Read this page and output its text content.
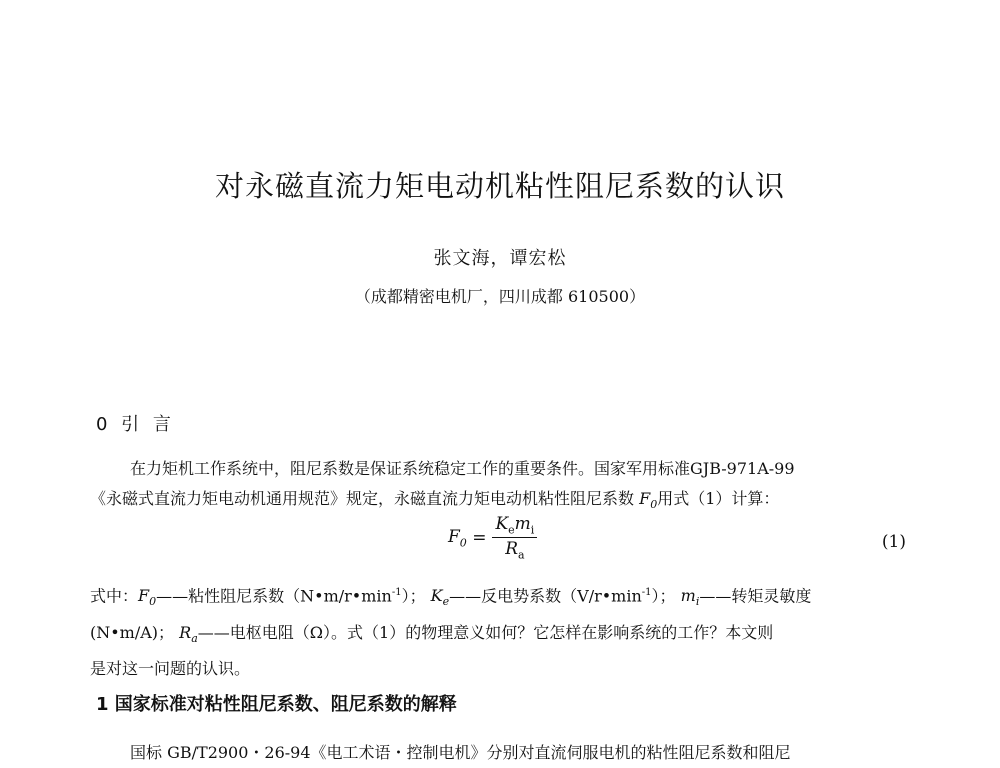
对永磁直流力矩电动机粘性阻尼系数的认识
张文海，谭宏松
（成都精密电机厂，四川成都 610500）
0 引 言
在力矩机工作系统中，阻尼系数是保证系统稳定工作的重要条件。国家军用标准GJB-971A-99
《永磁式直流力矩电动机通用规范》规定，永磁直流力矩电动机粘性阻尼系数 $F_0$用式（1）计算：
$F_0 = \frac{K_em_i}{R_a}$	(1)
式中：$F_0——$粘性阻尼系数$(N•m/r•\min^{-1})$； $K_e——$反电势系数$(V/r•\min^{-1})$； $m_i——$转矩灵敏度
(N•m/A)； $R_a——$电枢电阻（Ω）。式（1）的物理意义如何？它怎样在影响系统的工作？本文则
是对这一问题的认识。
1 国家标准对粘性阻尼系数、阻尼系数的解释
国标 GB/T2900・26-94《电工术语・控制电机》分别对直流伺服电机的粘性阻尼系数和阻尼
